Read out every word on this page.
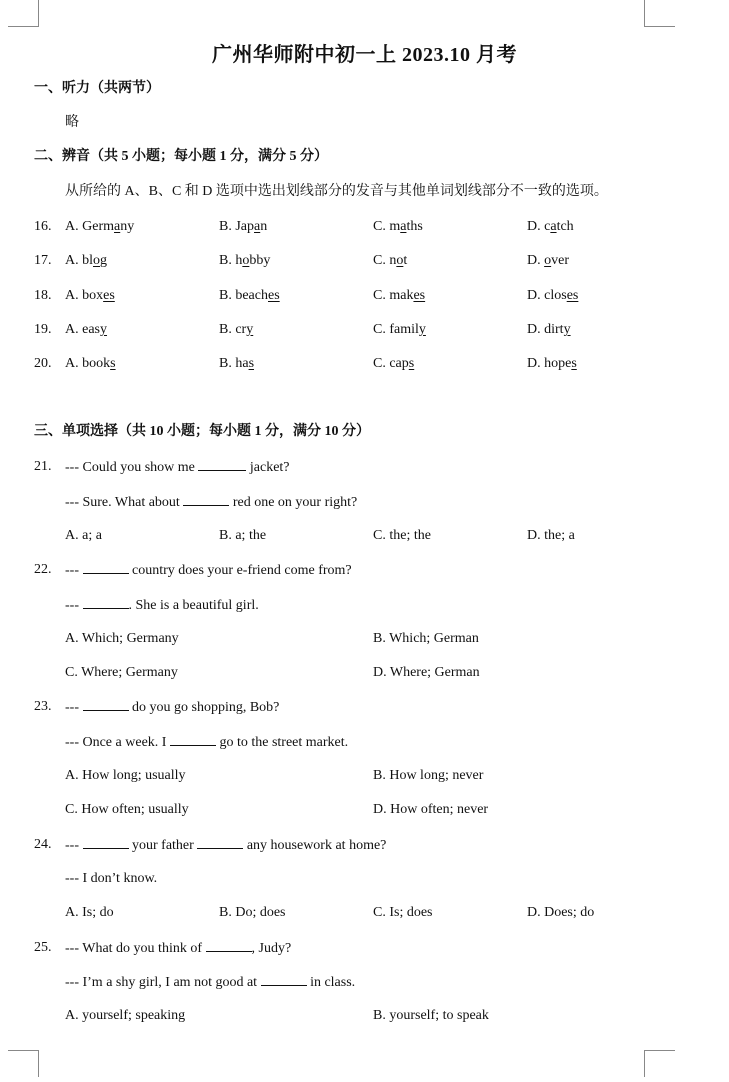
广州华师附中初一上 2023.10 月考
一、听力（共两节）
略
二、辨音（共 5 小题；每小题 1 分，满分 5 分）
从所给的 A、B、C 和 D 选项中选出划线部分的发音与其他单词划线部分不一致的选项。
16. A. Germany	B. Japan	C. maths	D. catch
17. A. blog	B. hobby	C. not	D. over
18. A. boxes	B. beaches	C. makes	D. closes
19. A. easy	B. cry	C. family	D. dirty
20. A. books	B. has	C. caps	D. hopes
三、单项选择（共 10 小题；每小题 1 分，满分 10 分）
21. --- Could you show me	jacket?
--- Sure. What about	red one on your right?
A. a; a	B. a; the	C. the; the	D. the; a
22. ---	country does your e-friend come from?
---	. She is a beautiful girl.
A. Which; Germany	B. Which; German
C. Where; Germany	D. Where; German
23. ---	do you go shopping, Bob?
--- Once a week. I	go to the street market.
A. How long; usually	B. How long; never
C. How often; usually	D. How often; never
24. ---	your father	any housework at home?
--- I don’t know.
A. Is; do	B. Do; does	C. Is; does	D. Does; do
25. --- What do you think of	, Judy?
--- I’m a shy girl, I am not good at	in class.
A. yourself; speaking	B. yourself; to speak
